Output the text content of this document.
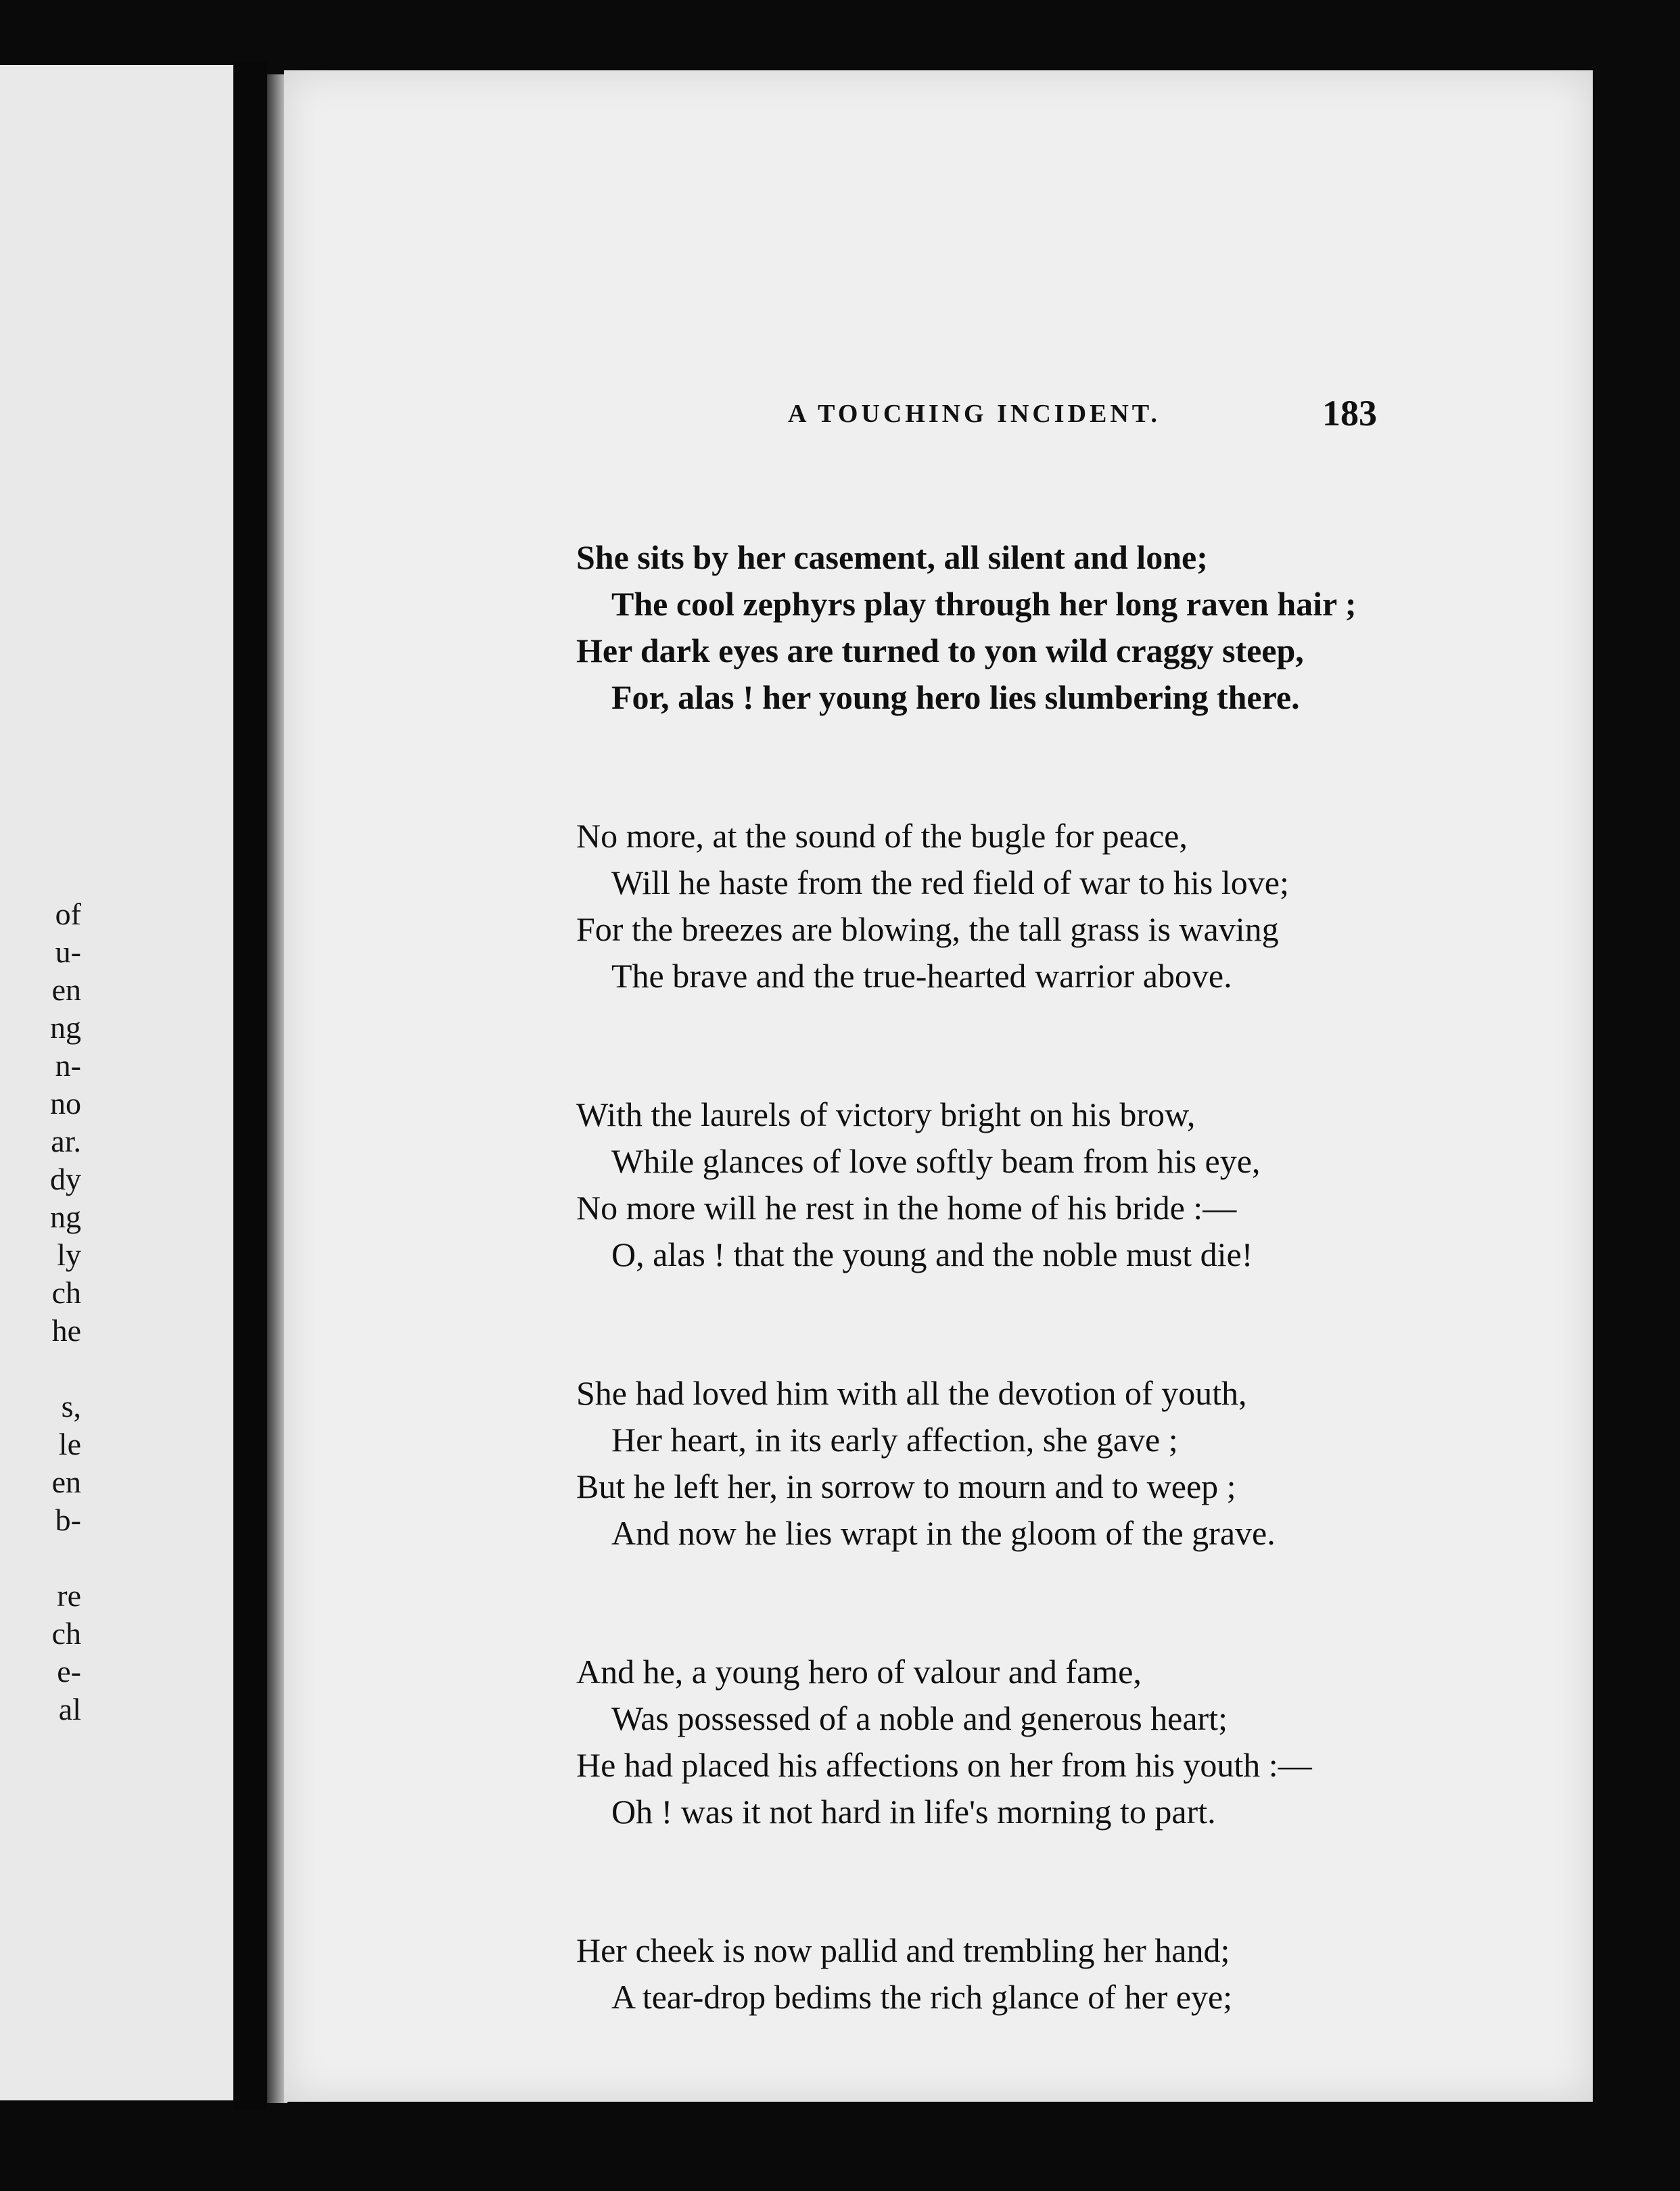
of
u-
en
ng
n-
no
ar.
dy
ng
ly
ch
he
s,
le
en
b-
re
ch
e-
al
A TOUCHING INCIDENT.	183

She sits by her casement, all silent and lone;
The cool zephyrs play through her long raven hair ;
Her dark eyes are turned to yon wild craggy steep,
For, alas ! her young hero lies slumbering there.

No more, at the sound of the bugle for peace,
Will he haste from the red field of war to his love;
For the breezes are blowing, the tall grass is waving
The brave and the true-hearted warrior above.

With the laurels of victory bright on his brow,
While glances of love softly beam from his eye,
No more will he rest in the home of his bride :—
O, alas ! that the young and the noble must die!

She had loved him with all the devotion of youth,
Her heart, in its early affection, she gave ;
But he left her, in sorrow to mourn and to weep ;
And now he lies wrapt in the gloom of the grave.

And he, a young hero of valour and fame,
Was possessed of a noble and generous heart;
He had placed his affections on her from his youth :—
Oh ! was it not hard in life's morning to part.

Her cheek is now pallid and trembling her hand;
A tear-drop bedims the rich glance of her eye;
